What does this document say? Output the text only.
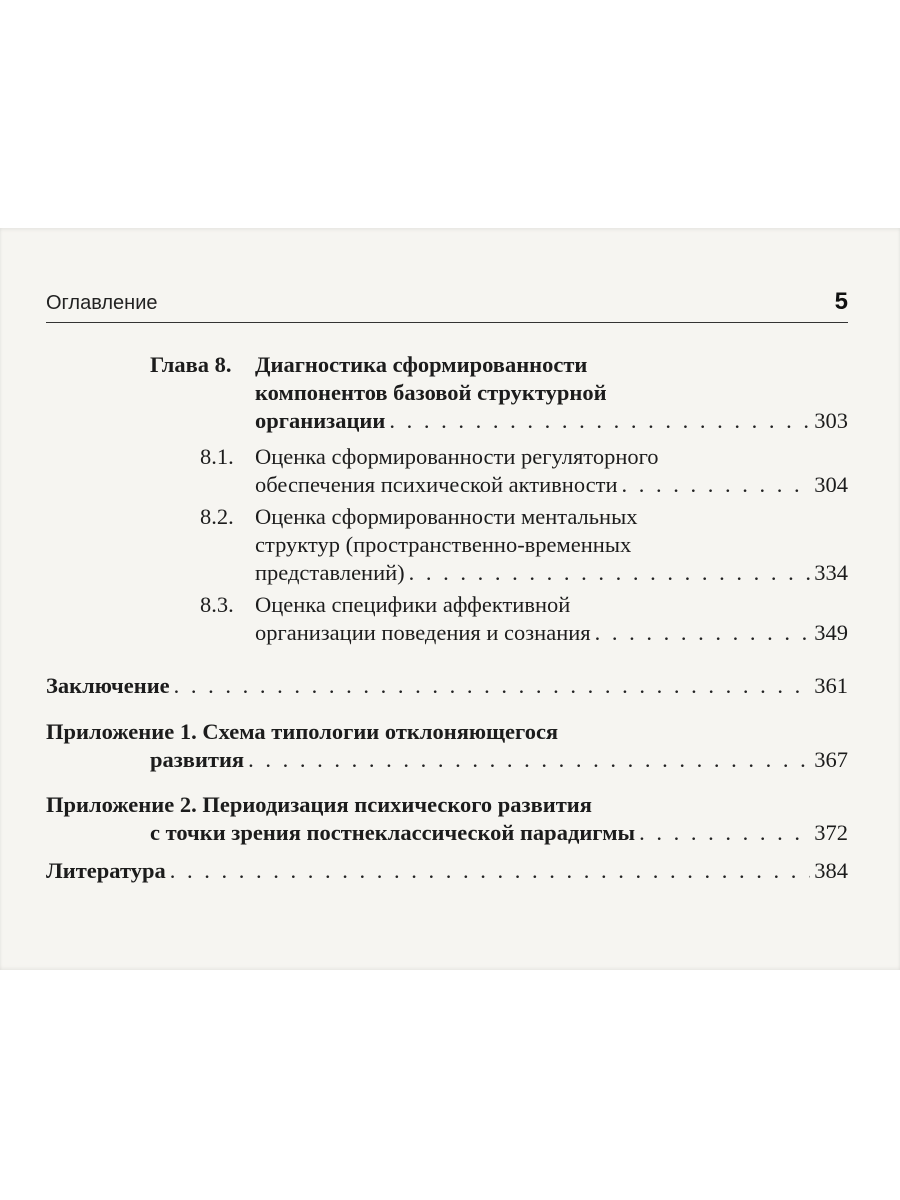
Оглавление	5
Глава 8. Диагностика сформированности
компонентов базовой структурной
организации . . .	303
8.1. Оценка сформированности регуляторного
обеспечения психической активности . . .	304
8.2. Оценка сформированности ментальных
структур (пространственно-временных
представлений) . . .	334
8.3. Оценка специфики аффективной
организации поведения и сознания . . .	349
Заключение . . .	361
Приложение 1. Схема типологии отклоняющегося
развития . . .	367
Приложение 2. Периодизация психического развития
с точки зрения постнеклассической парадигмы . . .	372
Литература . . .	384
